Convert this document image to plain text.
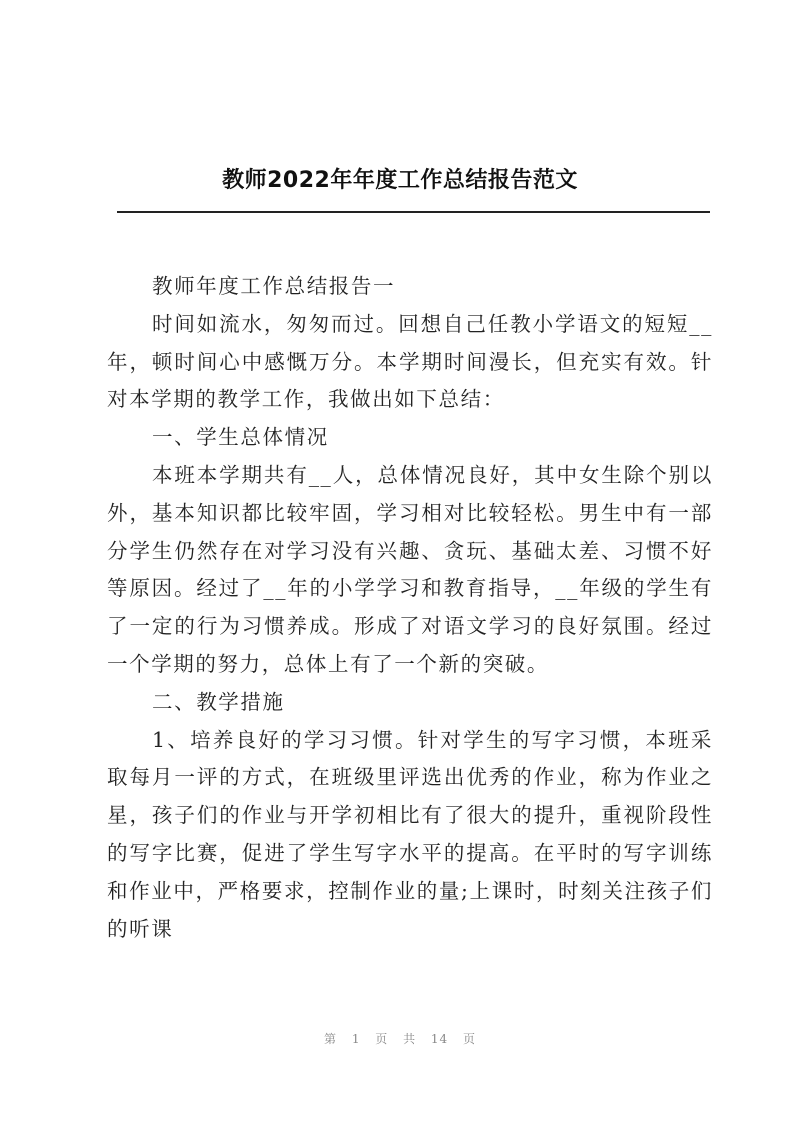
教师2022年年度工作总结报告范文

教师年度工作总结报告一

时间如流水，匆匆而过。回想自己任教小学语文的短短__年，顿时间心中感慨万分。本学期时间漫长，但充实有效。针对本学期的教学工作，我做出如下总结：

一、学生总体情况

本班本学期共有__人，总体情况良好，其中女生除个别以外，基本知识都比较牢固，学习相对比较轻松。男生中有一部分学生仍然存在对学习没有兴趣、贪玩、基础太差、习惯不好等原因。经过了__年的小学学习和教育指导，__年级的学生有了一定的行为习惯养成。形成了对语文学习的良好氛围。经过一个学期的努力，总体上有了一个新的突破。

二、教学措施

1、培养良好的学习习惯。针对学生的写字习惯，本班采取每月一评的方式，在班级里评选出优秀的作业，称为作业之星，孩子们的作业与开学初相比有了很大的提升，重视阶段性的写字比赛，促进了学生写字水平的提高。在平时的写字训练和作业中，严格要求，控制作业的量;上课时，时刻关注孩子们的听课

第 1 页 共 14 页
